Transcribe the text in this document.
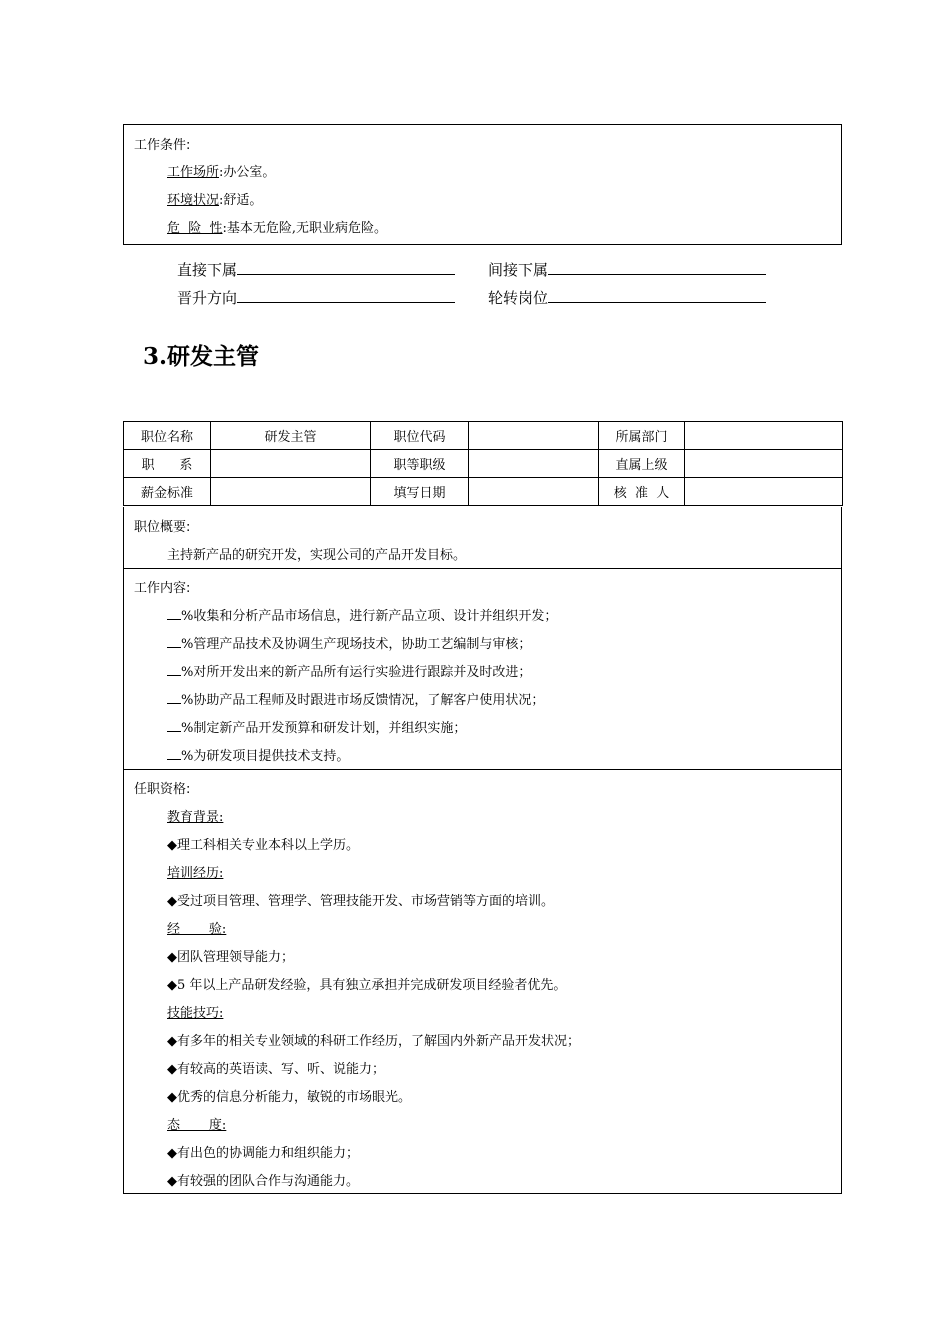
工作条件:
工作场所:办公室。
环境状况:舒适。
危  险  性:基本无危险,无职业病危险。
直接下属	间接下属
晋升方向	轮转岗位
3.研发主管
职位名称	研发主管	职位代码		所属部门	
职      系		职等职级		直属上级	
薪金标准		填写日期		核  准  人	
职位概要:
主持新产品的研究开发，实现公司的产品开发目标。
工作内容:
%收集和分析产品市场信息，进行新产品立项、设计并组织开发；
%管理产品技术及协调生产现场技术，协助工艺编制与审核；
%对所开发出来的新产品所有运行实验进行跟踪并及时改进；
%协助产品工程师及时跟进市场反馈情况，了解客户使用状况；
%制定新产品开发预算和研发计划，并组织实施；
%为研发项目提供技术支持。
任职资格:
教育背景:
◆理工科相关专业本科以上学历。
培训经历:
◆受过项目管理、管理学、管理技能开发、市场营销等方面的培训。
经       验:
◆团队管理领导能力；
◆5 年以上产品研发经验，具有独立承担并完成研发项目经验者优先。
技能技巧:
◆有多年的相关专业领域的科研工作经历，了解国内外新产品开发状况；
◆有较高的英语读、写、听、说能力；
◆优秀的信息分析能力，敏锐的市场眼光。
态       度:
◆有出色的协调能力和组织能力；
◆有较强的团队合作与沟通能力。
